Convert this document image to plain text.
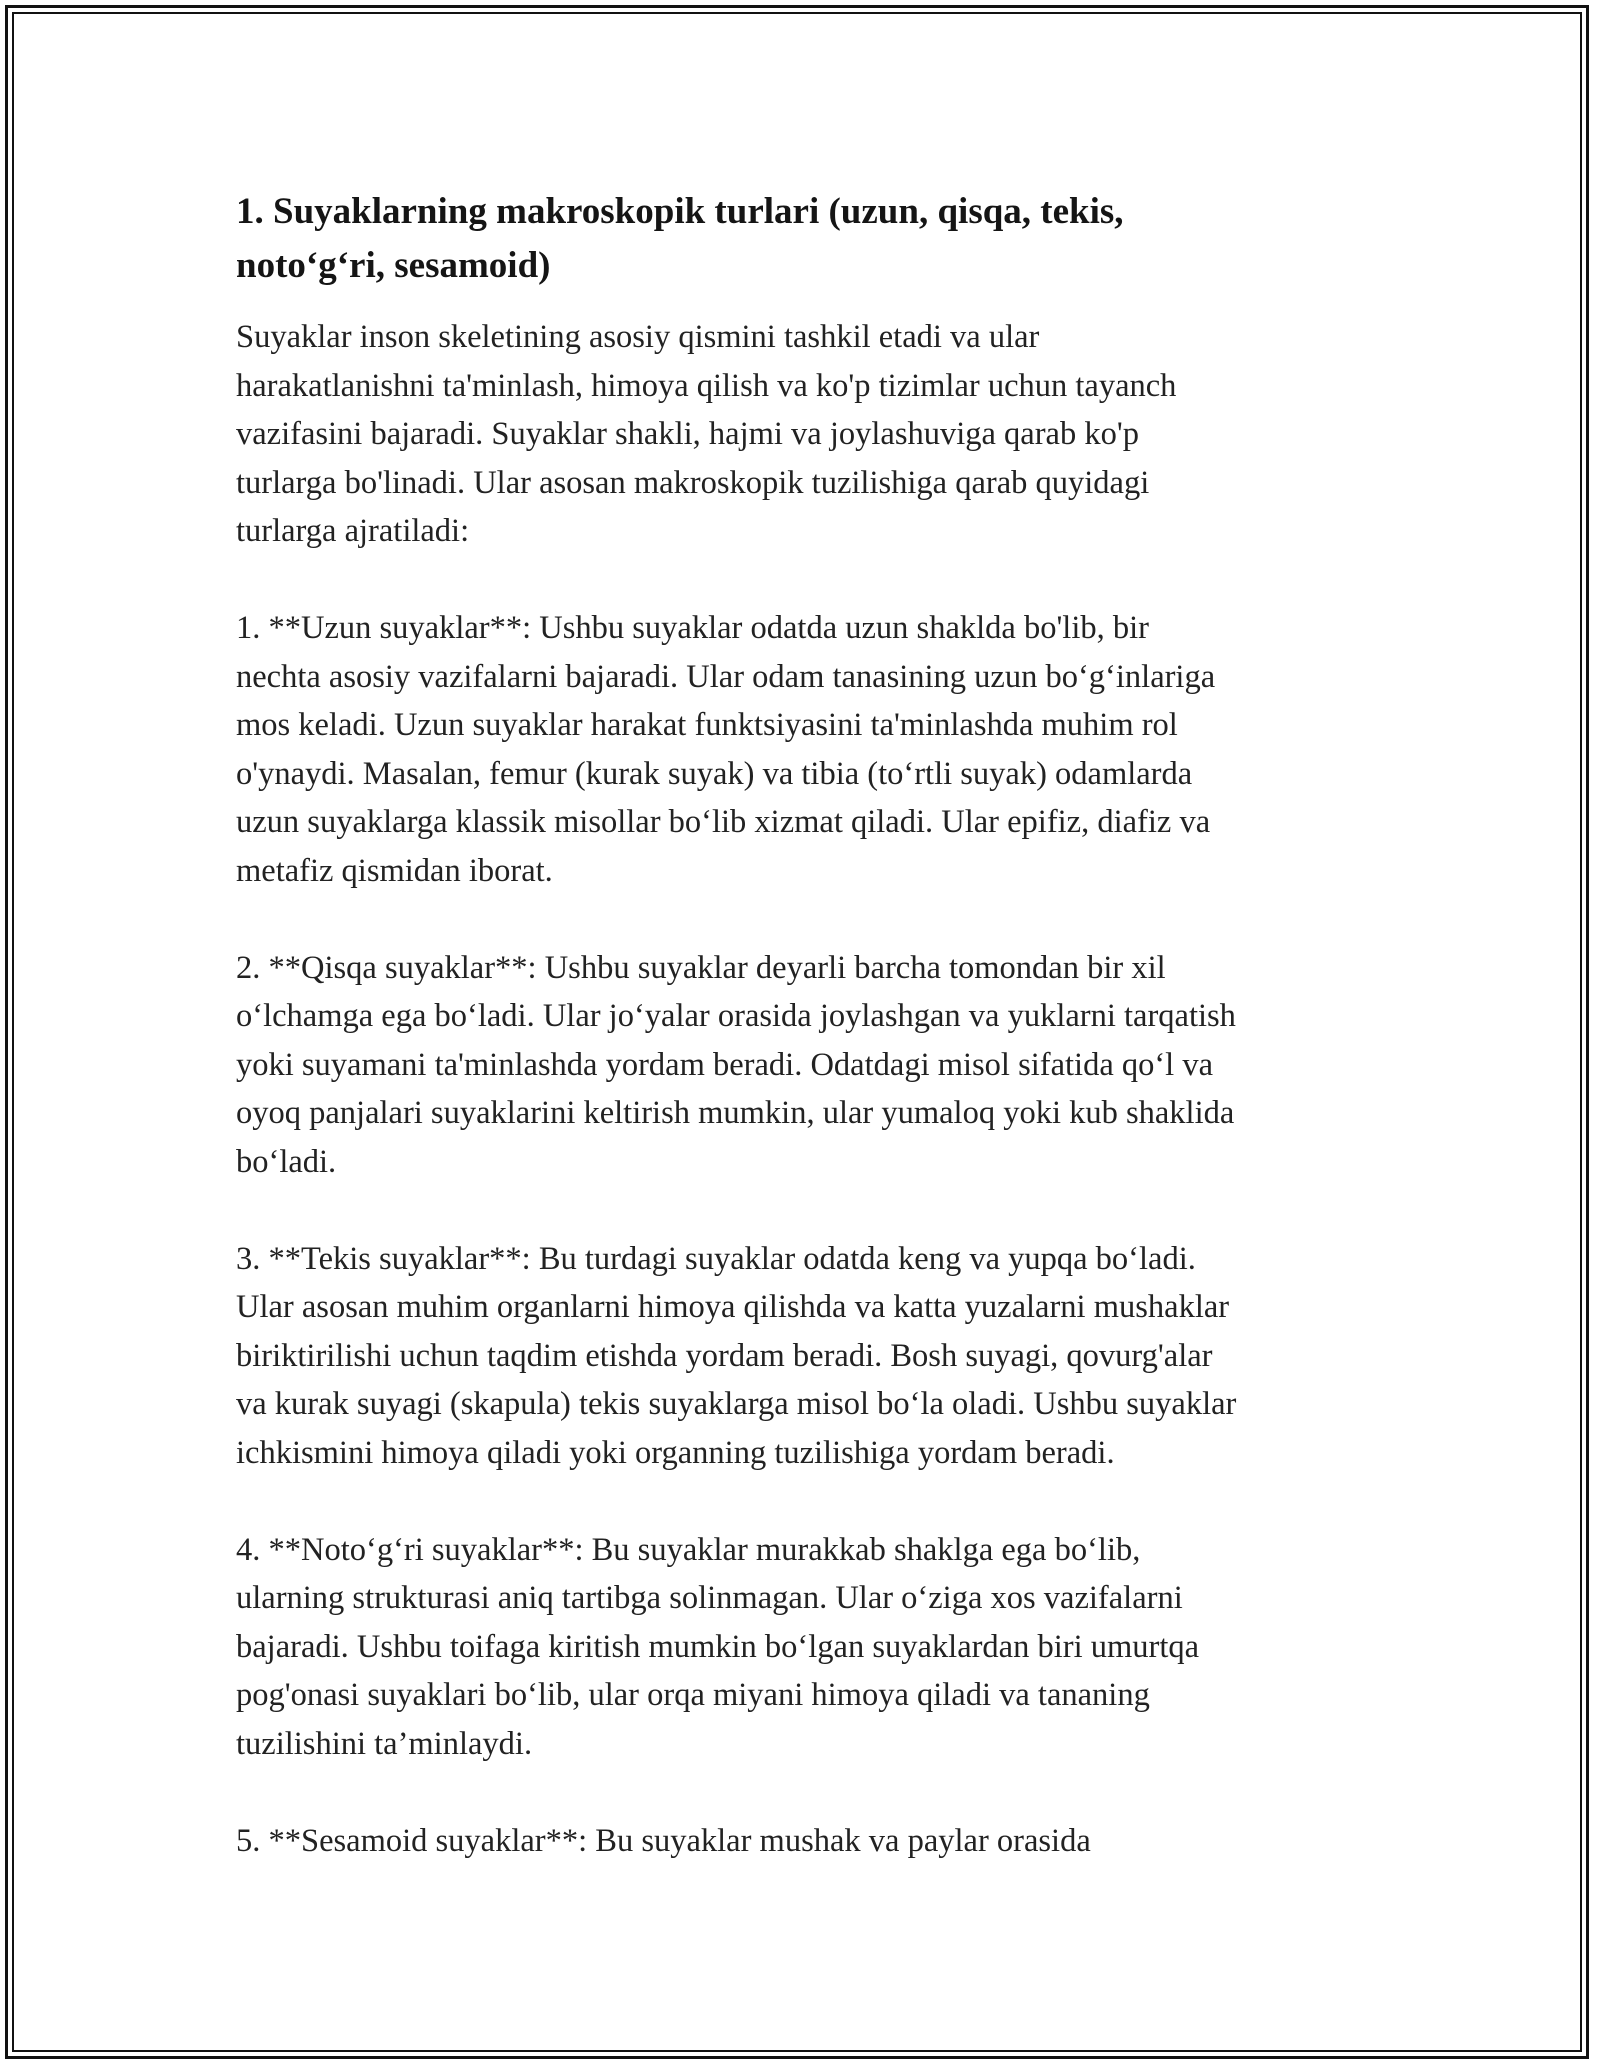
1. Suyaklarning makroskopik turlari (uzun, qisqa, tekis,
noto‘g‘ri, sesamoid)

Suyaklar inson skeletining asosiy qismini tashkil etadi va ular
harakatlanishni ta'minlash, himoya qilish va ko'p tizimlar uchun tayanch
vazifasini bajaradi. Suyaklar shakli, hajmi va joylashuviga qarab ko'p
turlarga bo'linadi. Ular asosan makroskopik tuzilishiga qarab quyidagi
turlarga ajratiladi:

1. **Uzun suyaklar**: Ushbu suyaklar odatda uzun shaklda bo'lib, bir
nechta asosiy vazifalarni bajaradi. Ular odam tanasining uzun bo‘g‘inlariga
mos keladi. Uzun suyaklar harakat funktsiyasini ta'minlashda muhim rol
o'ynaydi. Masalan, femur (kurak suyak) va tibia (to‘rtli suyak) odamlarda
uzun suyaklarga klassik misollar bo‘lib xizmat qiladi. Ular epifiz, diafiz va
metafiz qismidan iborat.

2. **Qisqa suyaklar**: Ushbu suyaklar deyarli barcha tomondan bir xil
o‘lchamga ega bo‘ladi. Ular jo‘yalar orasida joylashgan va yuklarni tarqatish
yoki suyamani ta'minlashda yordam beradi. Odatdagi misol sifatida qo‘l va
oyoq panjalari suyaklarini keltirish mumkin, ular yumaloq yoki kub shaklida
bo‘ladi.

3. **Tekis suyaklar**: Bu turdagi suyaklar odatda keng va yupqa bo‘ladi.
Ular asosan muhim organlarni himoya qilishda va katta yuzalarni mushaklar
biriktirilishi uchun taqdim etishda yordam beradi. Bosh suyagi, qovurg'alar
va kurak suyagi (skapula) tekis suyaklarga misol bo‘la oladi. Ushbu suyaklar
ichkismini himoya qiladi yoki organning tuzilishiga yordam beradi.

4. **Noto‘g‘ri suyaklar**: Bu suyaklar murakkab shaklga ega bo‘lib,
ularning strukturasi aniq tartibga solinmagan. Ular o‘ziga xos vazifalarni
bajaradi. Ushbu toifaga kiritish mumkin bo‘lgan suyaklardan biri umurtqa
pog'onasi suyaklari bo‘lib, ular orqa miyani himoya qiladi va tananing
tuzilishini ta’minlaydi.

5. **Sesamoid suyaklar**: Bu suyaklar mushak va paylar orasida
